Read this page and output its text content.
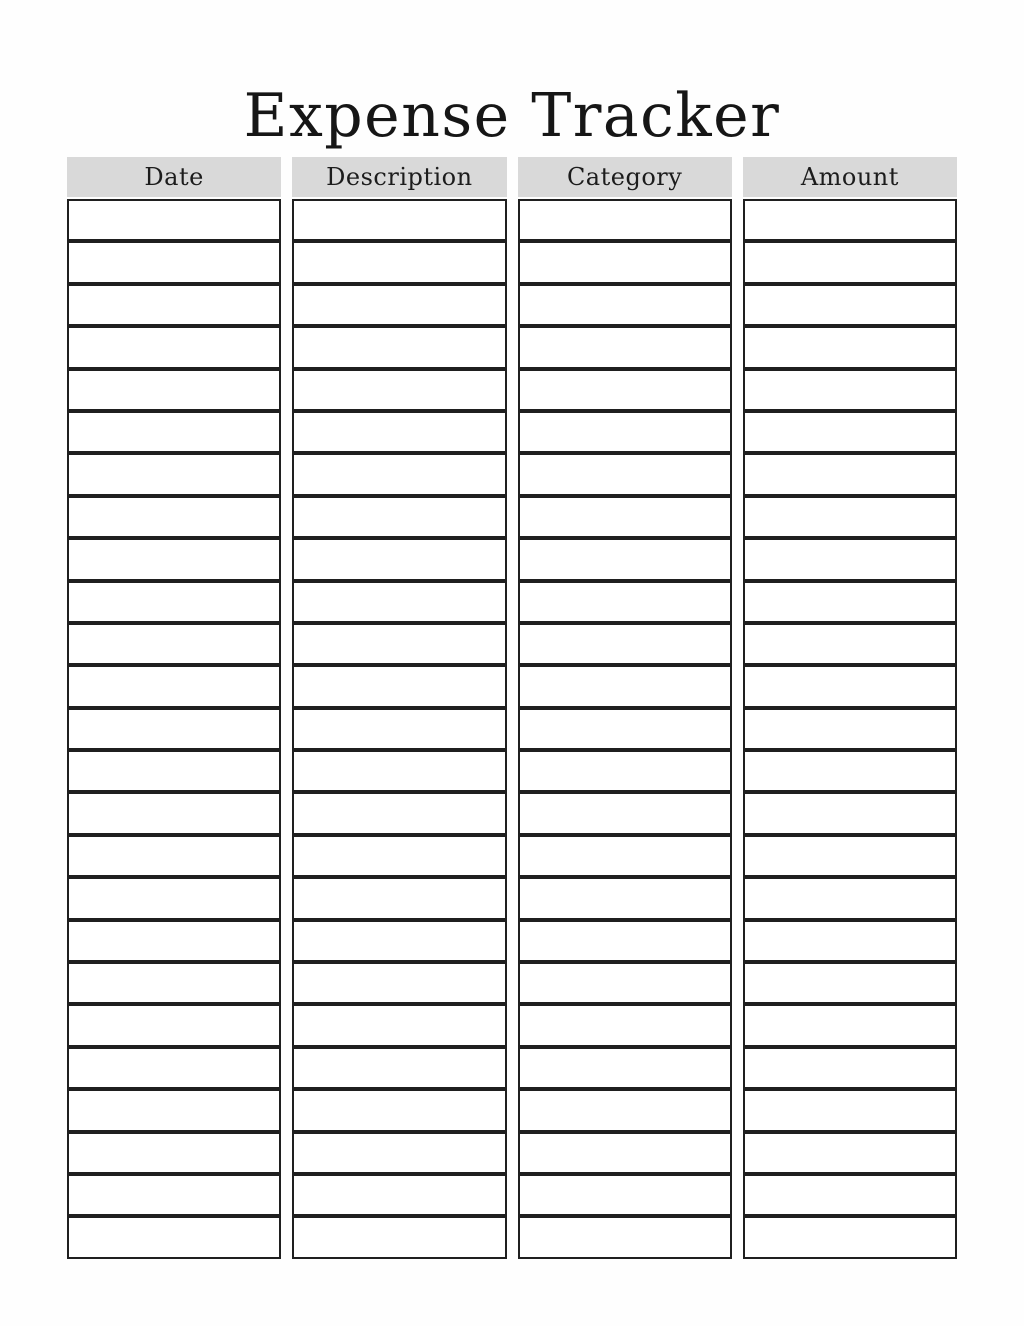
Expense Tracker
Date	Description	Category	Amount
